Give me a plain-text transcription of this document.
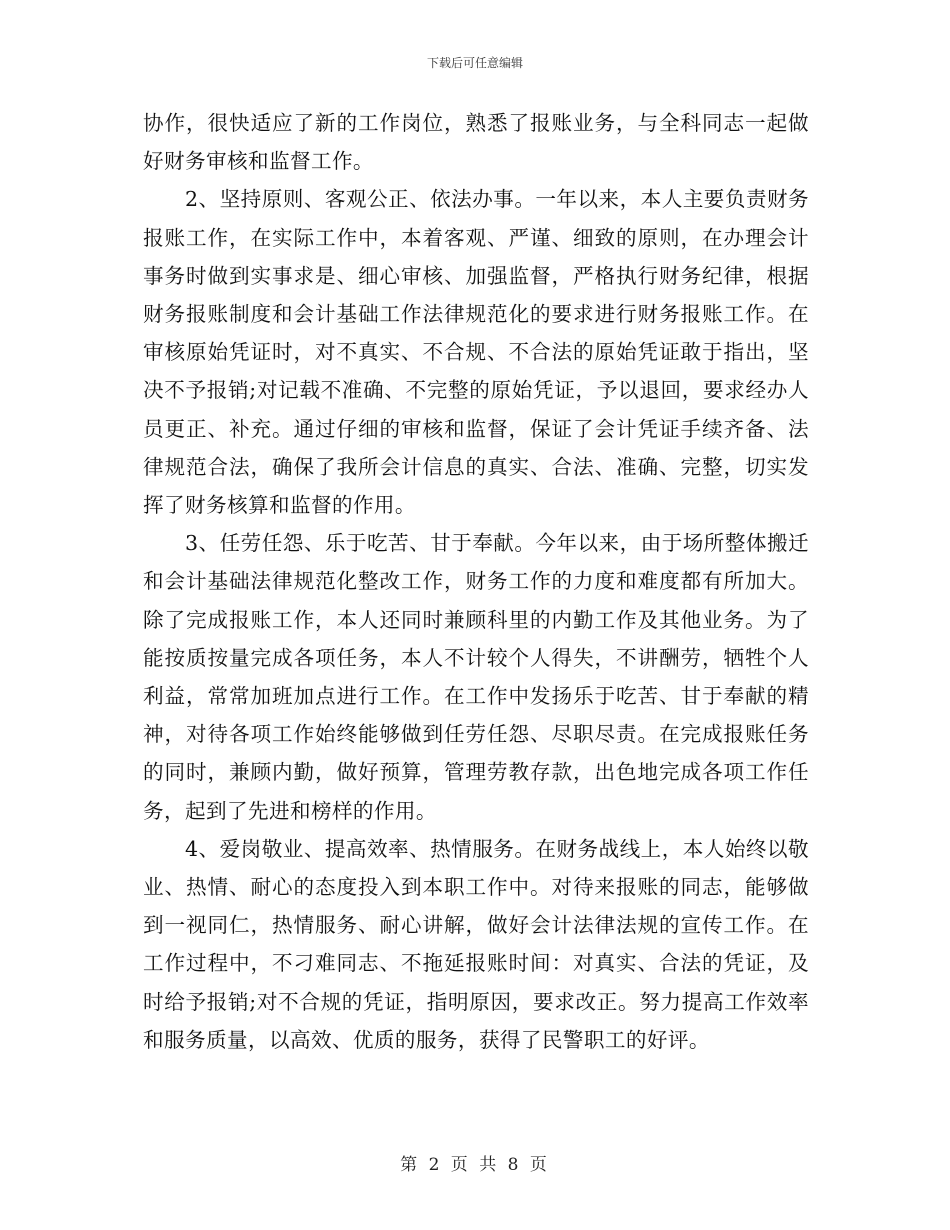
下载后可任意编辑

协作，很快适应了新的工作岗位，熟悉了报账业务，与全科同志一起做好财务审核和监督工作。

2、坚持原则、客观公正、依法办事。一年以来，本人主要负责财务报账工作，在实际工作中，本着客观、严谨、细致的原则，在办理会计事务时做到实事求是、细心审核、加强监督，严格执行财务纪律，根据财务报账制度和会计基础工作法律规范化的要求进行财务报账工作。在审核原始凭证时，对不真实、不合规、不合法的原始凭证敢于指出，坚决不予报销;对记载不准确、不完整的原始凭证，予以退回，要求经办人员更正、补充。通过仔细的审核和监督，保证了会计凭证手续齐备、法律规范合法，确保了我所会计信息的真实、合法、准确、完整，切实发挥了财务核算和监督的作用。

3、任劳任怨、乐于吃苦、甘于奉献。今年以来，由于场所整体搬迁和会计基础法律规范化整改工作，财务工作的力度和难度都有所加大。除了完成报账工作，本人还同时兼顾科里的内勤工作及其他业务。为了能按质按量完成各项任务，本人不计较个人得失，不讲酬劳，牺牲个人利益，常常加班加点进行工作。在工作中发扬乐于吃苦、甘于奉献的精神，对待各项工作始终能够做到任劳任怨、尽职尽责。在完成报账任务的同时，兼顾内勤，做好预算，管理劳教存款，出色地完成各项工作任务，起到了先进和榜样的作用。

4、爱岗敬业、提高效率、热情服务。在财务战线上，本人始终以敬业、热情、耐心的态度投入到本职工作中。对待来报账的同志，能够做到一视同仁，热情服务、耐心讲解，做好会计法律法规的宣传工作。在工作过程中，不刁难同志、不拖延报账时间：对真实、合法的凭证，及时给予报销;对不合规的凭证，指明原因，要求改正。努力提高工作效率和服务质量，以高效、优质的服务，获得了民警职工的好评。

第 2 页 共 8 页
